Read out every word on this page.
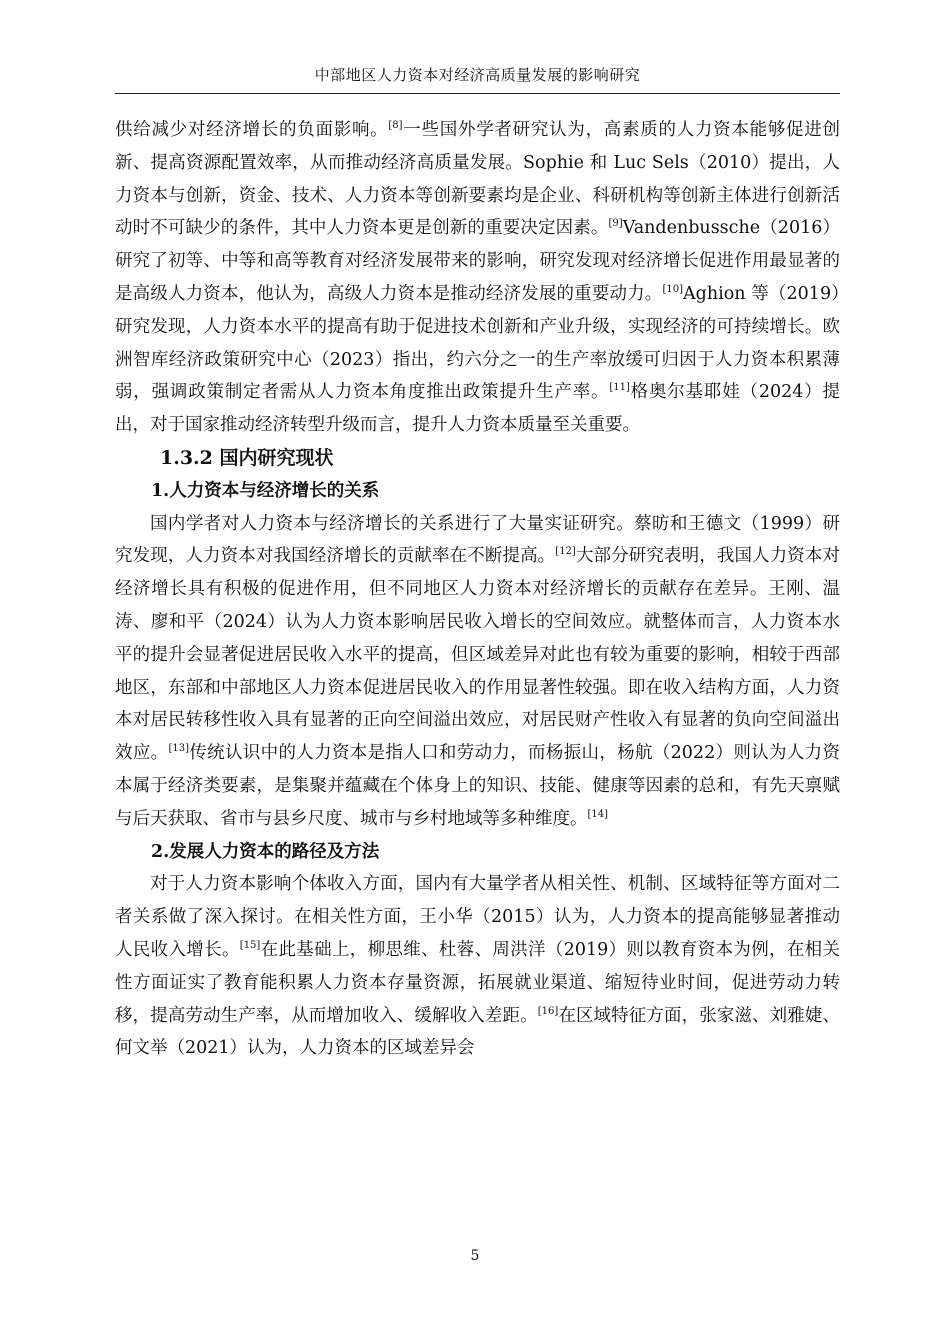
中部地区人力资本对经济高质量发展的影响研究

供给减少对经济增长的负面影响。[8]一些国外学者研究认为，高素质的人力资本能够促进创新、提高资源配置效率，从而推动经济高质量发展。Sophie 和 Luc Sels（2010）提出，人力资本与创新，资金、技术、人力资本等创新要素均是企业、科研机构等创新主体进行创新活动时不可缺少的条件，其中人力资本更是创新的重要决定因素。[9]Vandenbussche（2016）研究了初等、中等和高等教育对经济发展带来的影响，研究发现对经济增长促进作用最显著的是高级人力资本，他认为，高级人力资本是推动经济发展的重要动力。[10]Aghion 等（2019）研究发现，人力资本水平的提高有助于促进技术创新和产业升级，实现经济的可持续增长。欧洲智库经济政策研究中心（2023）指出，约六分之一的生产率放缓可归因于人力资本积累薄弱，强调政策制定者需从人力资本角度推出政策提升生产率。[11]格奥尔基耶娃（2024）提出，对于国家推动经济转型升级而言，提升人力资本质量至关重要。

1.3.2 国内研究现状

1.人力资本与经济增长的关系

国内学者对人力资本与经济增长的关系进行了大量实证研究。蔡昉和王德文（1999）研究发现，人力资本对我国经济增长的贡献率在不断提高。[12]大部分研究表明，我国人力资本对经济增长具有积极的促进作用，但不同地区人力资本对经济增长的贡献存在差异。王刚、温涛、廖和平（2024）认为人力资本影响居民收入增长的空间效应。就整体而言，人力资本水平的提升会显著促进居民收入水平的提高，但区域差异对此也有较为重要的影响，相较于西部地区，东部和中部地区人力资本促进居民收入的作用显著性较强。即在收入结构方面，人力资本对居民转移性收入具有显著的正向空间溢出效应，对居民财产性收入有显著的负向空间溢出效应。[13]传统认识中的人力资本是指人口和劳动力，而杨振山，杨航（2022）则认为人力资本属于经济类要素，是集聚并蕴藏在个体身上的知识、技能、健康等因素的总和，有先天禀赋与后天获取、省市与县乡尺度、城市与乡村地域等多种维度。[14]

2.发展人力资本的路径及方法

对于人力资本影响个体收入方面，国内有大量学者从相关性、机制、区域特征等方面对二者关系做了深入探讨。在相关性方面，王小华（2015）认为，人力资本的提高能够显著推动人民收入增长。[15]在此基础上，柳思维、杜蓉、周洪洋（2019）则以教育资本为例，在相关性方面证实了教育能积累人力资本存量资源，拓展就业渠道、缩短待业时间，促进劳动力转移，提高劳动生产率，从而增加收入、缓解收入差距。[16]在区域特征方面，张家滋、刘雅婕、何文举（2021）认为，人力资本的区域差异会

5
